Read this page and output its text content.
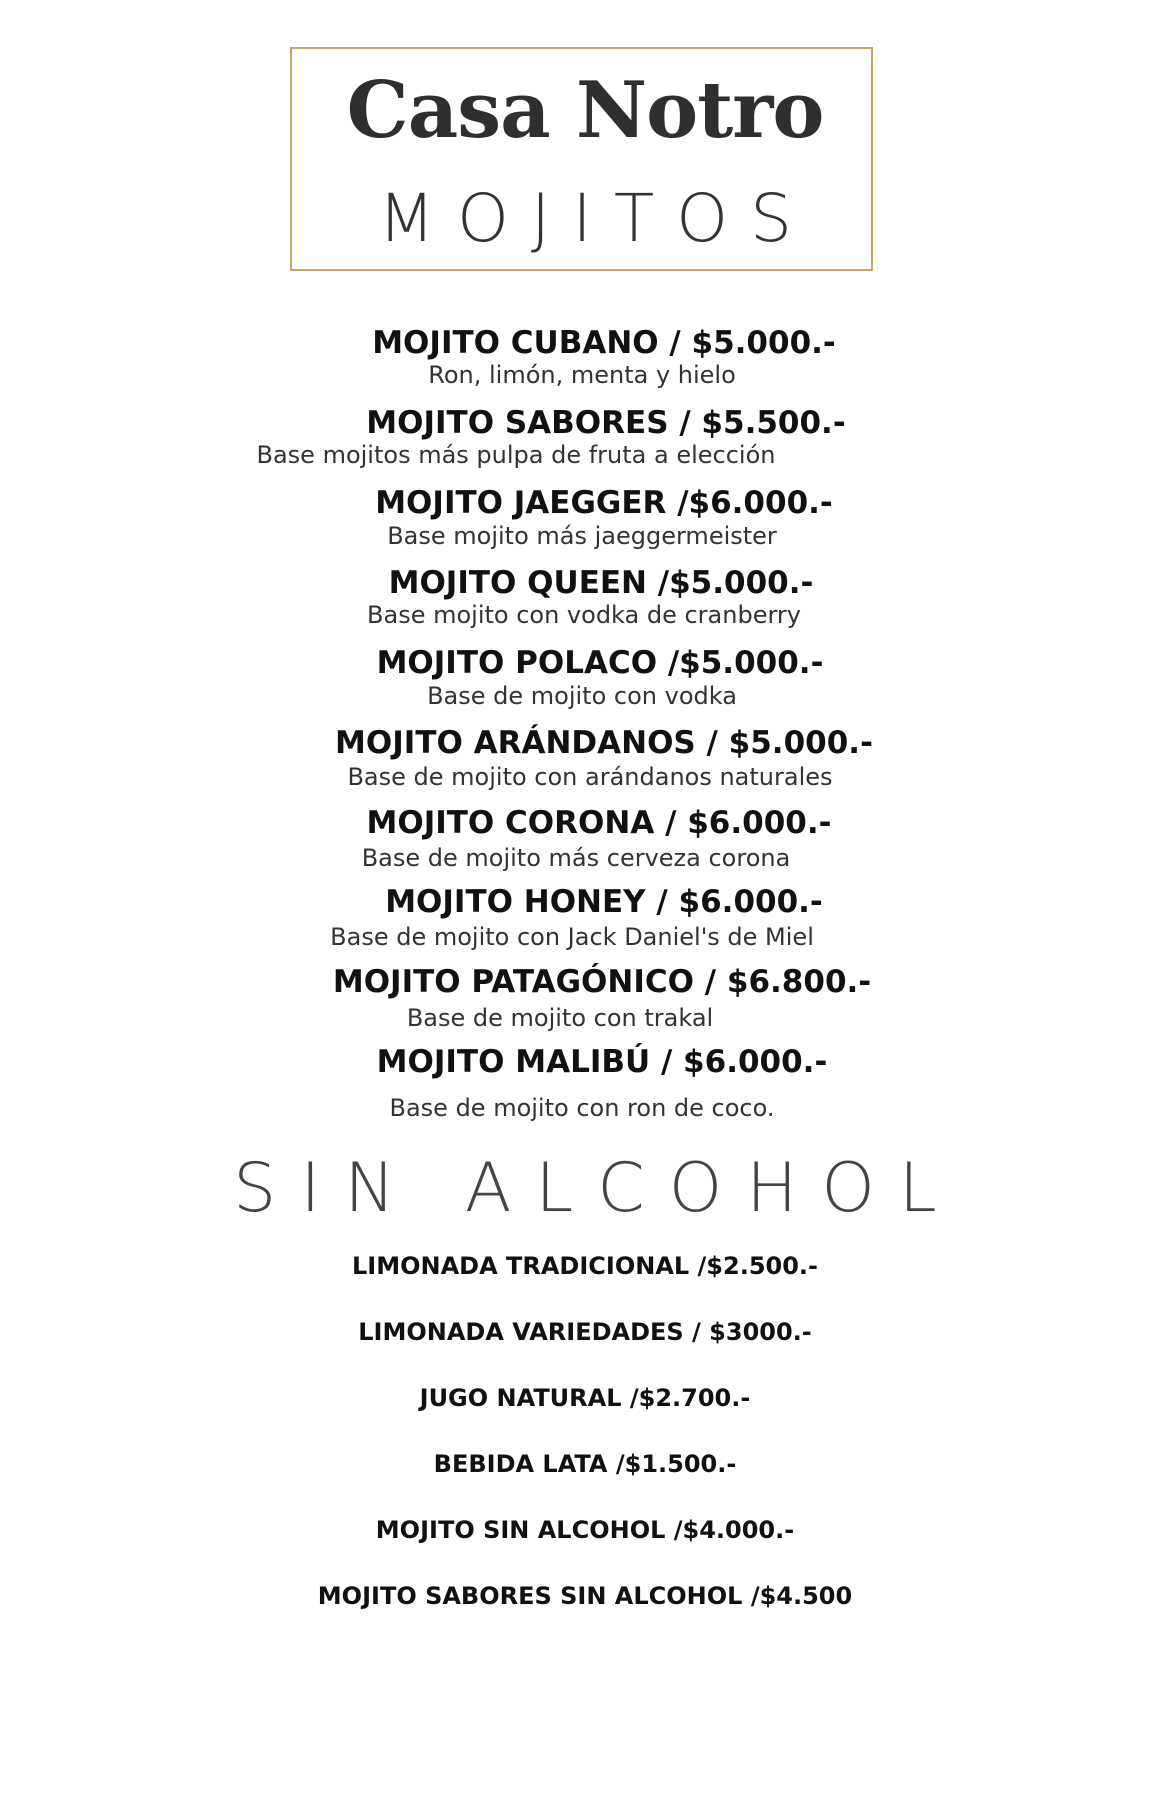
Casa Notro
MOJITOS
MOJITO CUBANO / $5.000.-
Ron, limón, menta y hielo
MOJITO SABORES / $5.500.-
Base mojitos más pulpa de fruta a elección
MOJITO JAEGGER /$6.000.-
Base mojito más jaeggermeister
MOJITO QUEEN /$5.000.-
Base mojito con vodka de cranberry
MOJITO POLACO /$5.000.-
Base de mojito con vodka
MOJITO ARÁNDANOS / $5.000.-
Base de mojito con arándanos naturales
MOJITO CORONA / $6.000.-
Base de mojito más cerveza corona
MOJITO HONEY / $6.000.-
Base de mojito con Jack Daniel's de Miel
MOJITO PATAGÓNICO / $6.800.-
Base de mojito con trakal
MOJITO MALIBÚ / $6.000.-
Base de mojito con ron de coco.
SIN ALCOHOL
LIMONADA TRADICIONAL /$2.500.-
LIMONADA VARIEDADES / $3000.-
JUGO NATURAL /$2.700.-
BEBIDA LATA /$1.500.-
MOJITO SIN ALCOHOL /$4.000.-
MOJITO SABORES SIN ALCOHOL /$4.500
